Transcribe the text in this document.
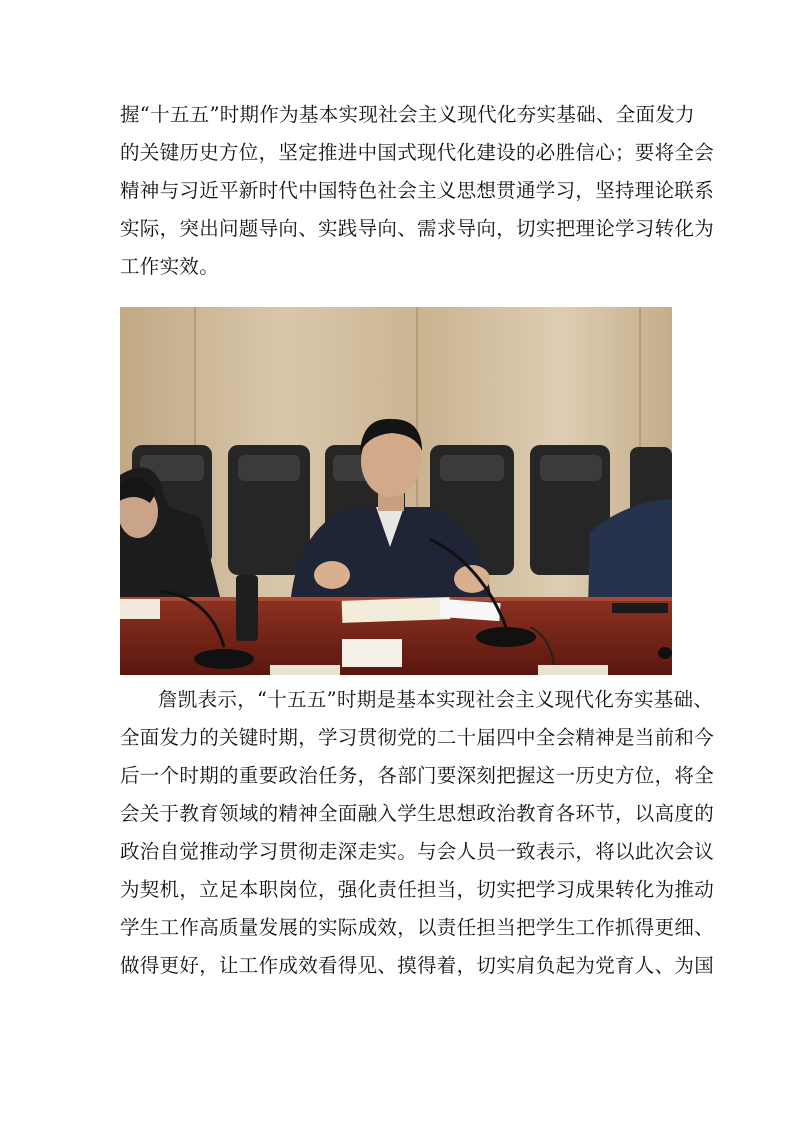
握“十五五”时期作为基本实现社会主义现代化夯实基础、全面发力
的关键历史方位，坚定推进中国式现代化建设的必胜信心；要将全会
精神与习近平新时代中国特色社会主义思想贯通学习，坚持理论联系
实际，突出问题导向、实践导向、需求导向，切实把理论学习转化为
工作实效。
詹凯表示，“十五五”时期是基本实现社会主义现代化夯实基础、
全面发力的关键时期，学习贯彻党的二十届四中全会精神是当前和今
后一个时期的重要政治任务，各部门要深刻把握这一历史方位，将全
会关于教育领域的精神全面融入学生思想政治教育各环节，以高度的
政治自觉推动学习贯彻走深走实。与会人员一致表示，将以此次会议
为契机，立足本职岗位，强化责任担当，切实把学习成果转化为推动
学生工作高质量发展的实际成效，以责任担当把学生工作抓得更细、
做得更好，让工作成效看得见、摸得着，切实肩负起为党育人、为国
